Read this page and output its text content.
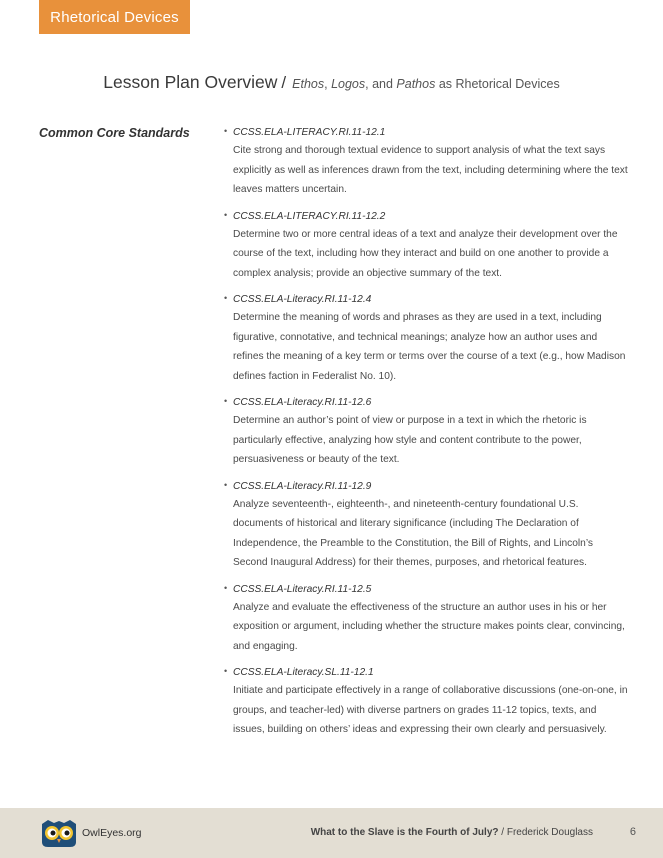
Rhetorical Devices
Lesson Plan Overview / Ethos, Logos, and Pathos as Rhetorical Devices
Common Core Standards	• CCSS.ELA-LITERACY.RI.11-12.1
Cite strong and thorough textual evidence to support analysis of what the text says explicitly as well as inferences drawn from the text, including determining where the text leaves matters uncertain.
• CCSS.ELA-LITERACY.RI.11-12.2
Determine two or more central ideas of a text and analyze their development over the course of the text, including how they interact and build on one another to provide a complex analysis; provide an objective summary of the text.
• CCSS.ELA-Literacy.RI.11-12.4
Determine the meaning of words and phrases as they are used in a text, including figurative, connotative, and technical meanings; analyze how an author uses and refines the meaning of a key term or terms over the course of a text (e.g., how Madison defines faction in Federalist No. 10).
• CCSS.ELA-Literacy.RI.11-12.6
Determine an author’s point of view or purpose in a text in which the rhetoric is particularly effective, analyzing how style and content contribute to the power, persuasiveness or beauty of the text.
• CCSS.ELA-Literacy.RI.11-12.9
Analyze seventeenth-, eighteenth-, and nineteenth-century foundational U.S. documents of historical and literary significance (including The Declaration of Independence, the Preamble to the Constitution, the Bill of Rights, and Lincoln’s Second Inaugural Address) for their themes, purposes, and rhetorical features.
• CCSS.ELA-Literacy.RI.11-12.5
Analyze and evaluate the effectiveness of the structure an author uses in his or her exposition or argument, including whether the structure makes points clear, convincing, and engaging.
• CCSS.ELA-Literacy.SL.11-12.1
Initiate and participate effectively in a range of collaborative discussions (one-on-one, in groups, and teacher-led) with diverse partners on grades 11-12 topics, texts, and issues, building on others’ ideas and expressing their own clearly and persuasively.
OwlEyes.org	What to the Slave is the Fourth of July? / Frederick Douglass	6
